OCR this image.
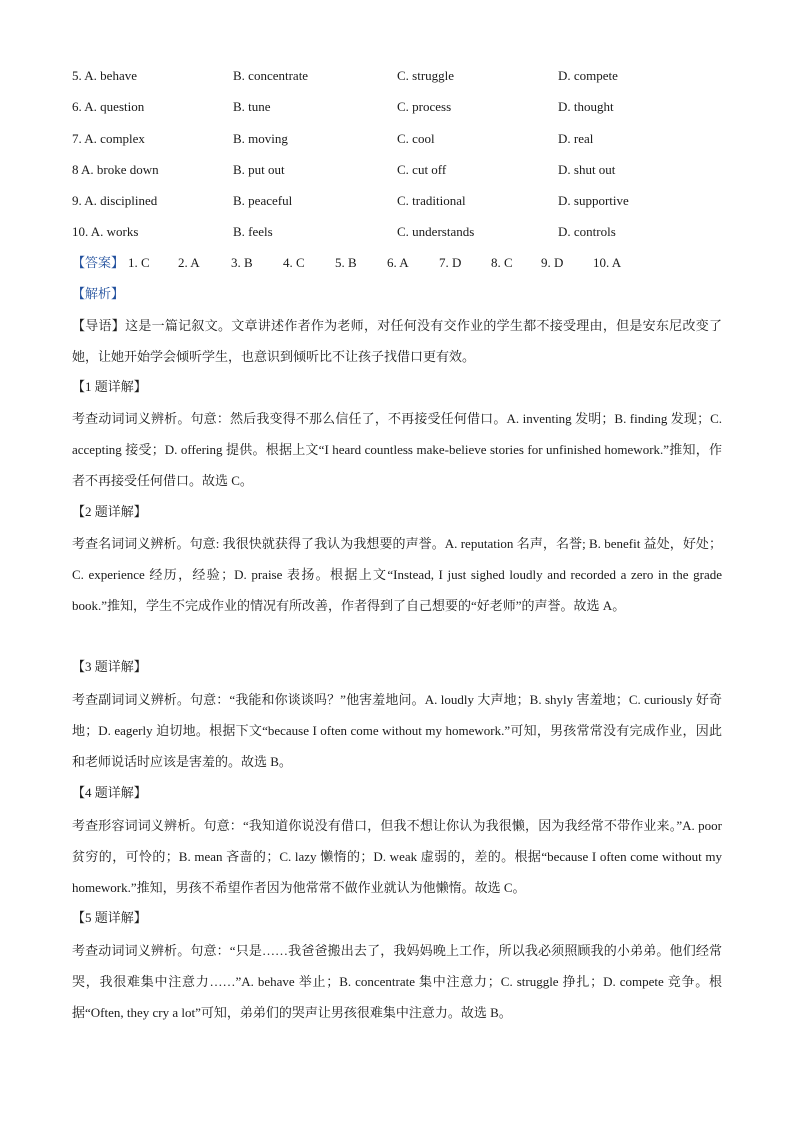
5. A. behave	B. concentrate	C. struggle	D. compete
6. A. question	B. tune	C. process	D. thought
7. A. complex	B. moving	C. cool	D. real
8 A. broke down	B. put out	C. cut off	D. shut out
9. A. disciplined	B. peaceful	C. traditional	D. supportive
10. A. works	B. feels	C. understands	D. controls
【答案】 1. C 2. A 3. B 4. C 5. B 6. A 7. D 8. C 9. D 10. A
【解析】
【导语】这是一篇记叙文。文章讲述作者作为老师，对任何没有交作业的学生都不接受理由，但是安东尼改变了她，让她开始学会倾听学生，也意识到倾听比不让孩子找借口更有效。
【1 题详解】
考查动词词义辨析。句意：然后我变得不那么信任了，不再接受任何借口。A. inventing 发明；B. finding 发现；C. accepting 接受；D. offering 提供。根据上文“I heard countless make-believe stories for unfinished homework.”推知，作者不再接受任何借口。故选 C。
【2 题详解】
考查名词词义辨析。句意: 我很快就获得了我认为我想要的声誉。A. reputation 名声，名誉; B. benefit 益处，好处；C. experience 经历，经验；D. praise 表扬。根据上文“Instead, I just sighed loudly and recorded a zero in the grade book.”推知，学生不完成作业的情况有所改善，作者得到了自己想要的“好老师”的声誉。故选 A。
【3 题详解】
考查副词词义辨析。句意：“我能和你谈谈吗？”他害羞地问。A. loudly 大声地；B. shyly 害羞地；C. curiously 好奇地；D. eagerly 迫切地。根据下文“because I often come without my homework.”可知，男孩常常没有完成作业，因此和老师说话时应该是害羞的。故选 B。
【4 题详解】
考查形容词词义辨析。句意：“我知道你说没有借口，但我不想让你认为我很懒，因为我经常不带作业来。”A. poor 贫穷的，可怜的；B. mean 吝啬的；C. lazy 懒惰的；D. weak 虚弱的，差的。根据“because I often come without my homework.”推知，男孩不希望作者因为他常常不做作业就认为他懒惰。故选 C。
【5 题详解】
考查动词词义辨析。句意：“只是……我爸爸搬出去了，我妈妈晚上工作，所以我必须照顾我的小弟弟。他们经常哭，我很难集中注意力……”A. behave 举止；B. concentrate 集中注意力；C. struggle 挣扎；D. compete 竞争。根据“Often, they cry a lot”可知，弟弟们的哭声让男孩很难集中注意力。故选 B。
